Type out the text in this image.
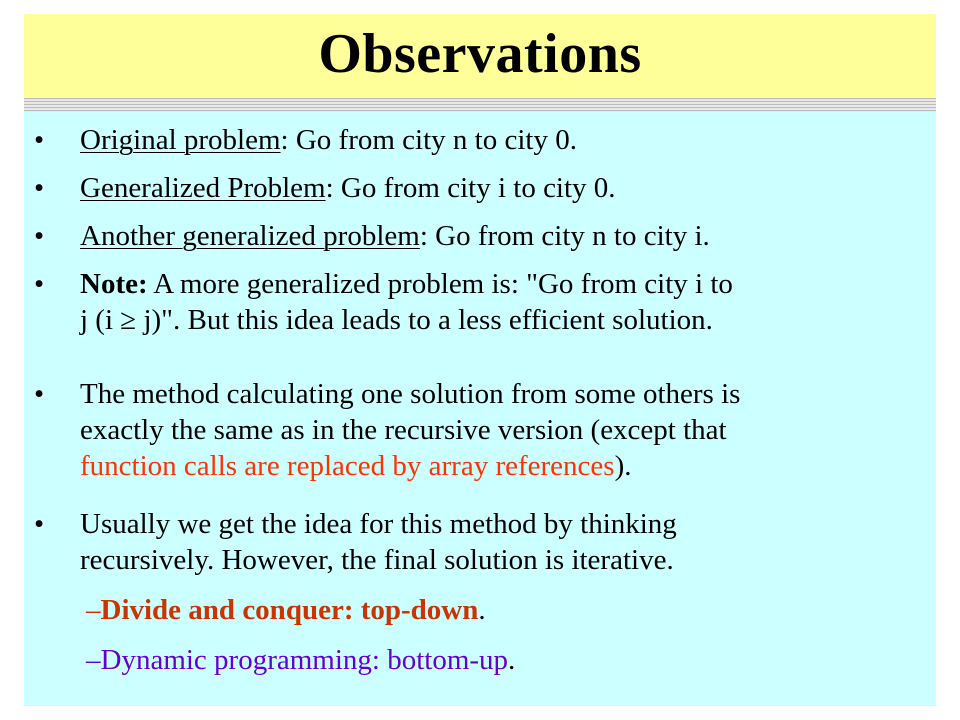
Observations
•	Original problem: Go from city n to city 0.
•	Generalized Problem: Go from city i to city 0.
•	Another generalized problem: Go from city n to city i.
•	Note: A more generalized problem is: "Go from city i to
j (i ≥ j)". But this idea leads to a less efficient solution.
•	The method calculating one solution from some others is
exactly the same as in the recursive version (except that
function calls are replaced by array references).
•	Usually we get the idea for this method by thinking
recursively. However, the final solution is iterative.
–Divide and conquer: top-down.
–Dynamic programming: bottom-up.
